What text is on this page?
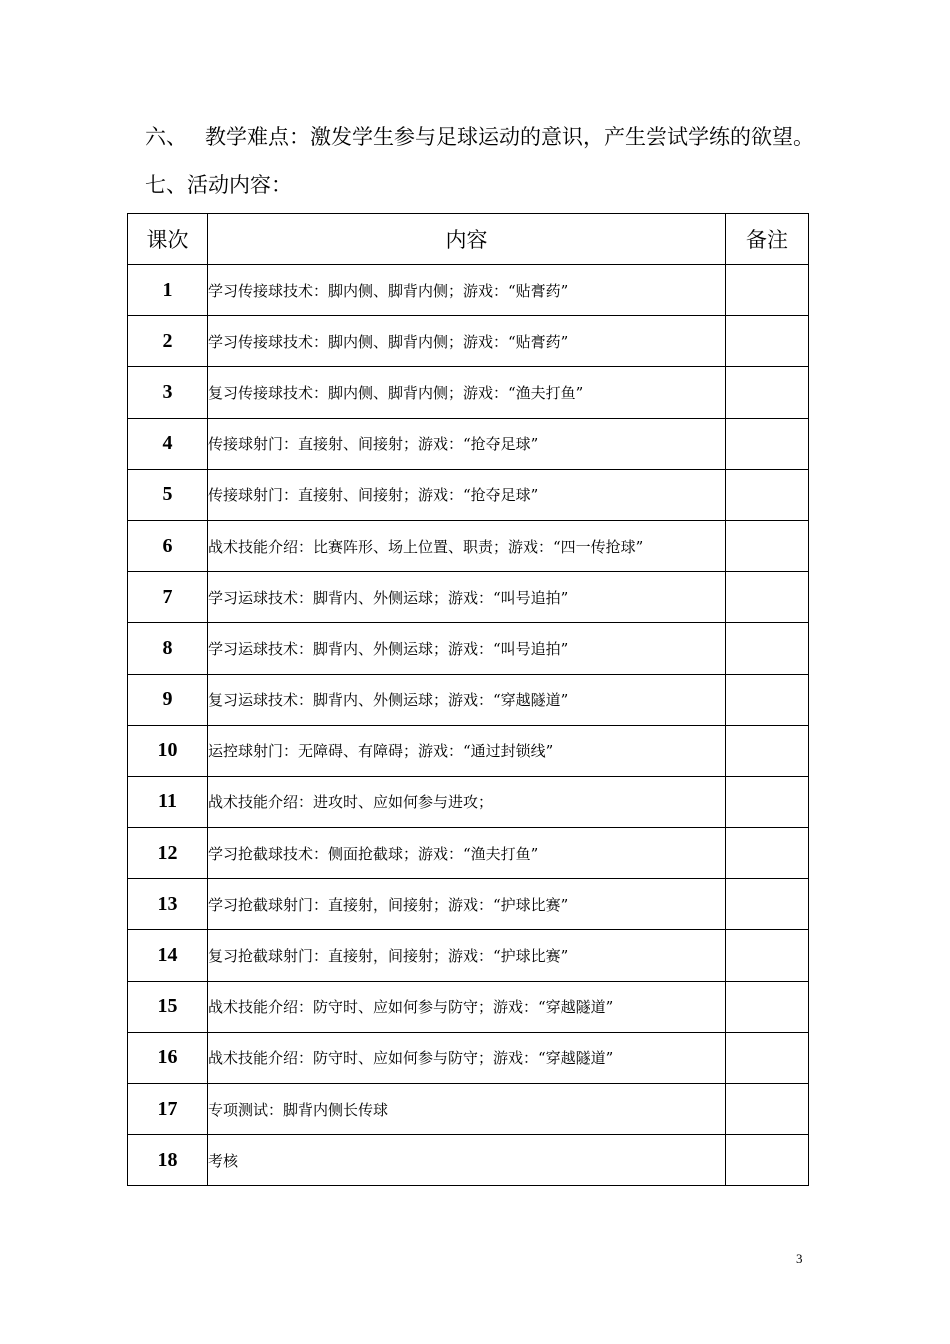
六、 教学难点：激发学生参与足球运动的意识，产生尝试学练的欲望。
七、活动内容：
课次	内容	备注
1	学习传接球技术：脚内侧、脚背内侧；游戏：“贴膏药”	
2	学习传接球技术：脚内侧、脚背内侧；游戏：“贴膏药”	
3	复习传接球技术：脚内侧、脚背内侧；游戏：“渔夫打鱼”	
4	传接球射门：直接射、间接射；游戏：“抢夺足球”	
5	传接球射门：直接射、间接射；游戏：“抢夺足球”	
6	战术技能介绍：比赛阵形、场上位置、职责；游戏：“四一传抢球”	
7	学习运球技术：脚背内、外侧运球；游戏：“叫号追拍”	
8	学习运球技术：脚背内、外侧运球；游戏：“叫号追拍”	
9	复习运球技术：脚背内、外侧运球；游戏：“穿越隧道”	
10	运控球射门：无障碍、有障碍；游戏：“通过封锁线”	
11	战术技能介绍：进攻时、应如何参与进攻；	
12	学习抢截球技术：侧面抢截球；游戏：“渔夫打鱼”	
13	学习抢截球射门：直接射，间接射；游戏：“护球比赛”	
14	复习抢截球射门：直接射，间接射；游戏：“护球比赛”	
15	战术技能介绍：防守时、应如何参与防守；游戏：“穿越隧道”	
16	战术技能介绍：防守时、应如何参与防守；游戏：“穿越隧道”	
17	专项测试：脚背内侧长传球	
18	考核	
3
